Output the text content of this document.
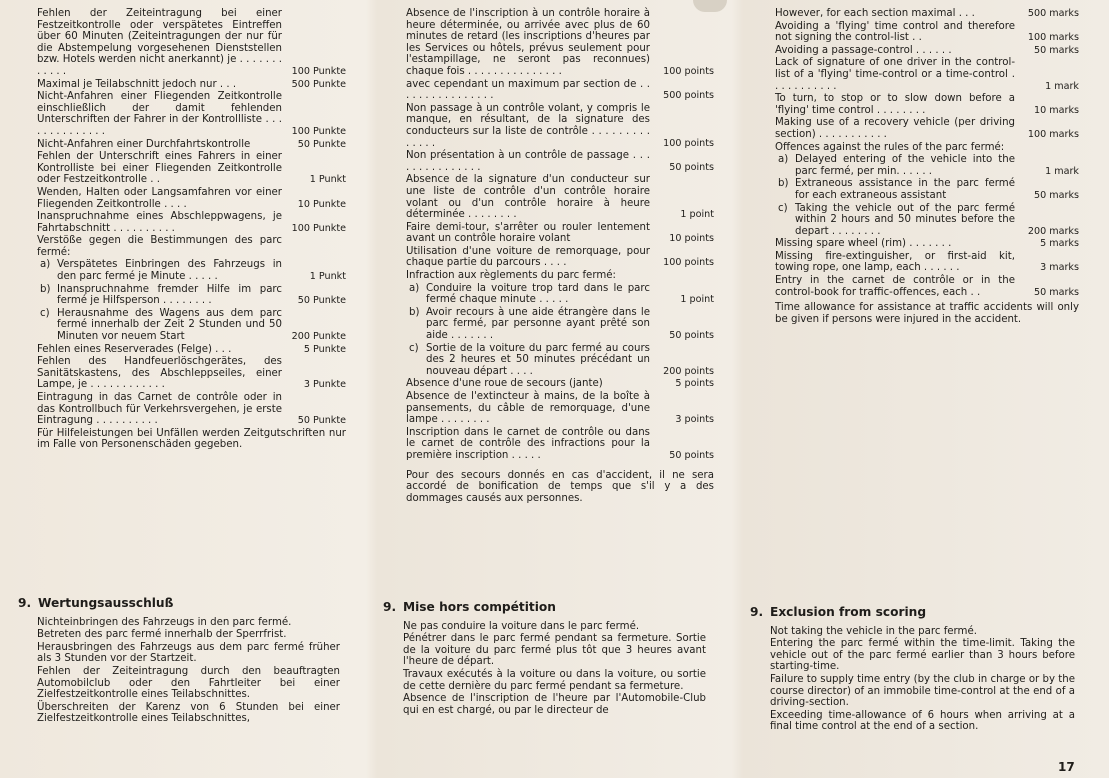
Fehlen der Zeiteintragung bei einer Festzeitkontrolle oder verspätetes Eintreffen über 60 Minuten (Zeiteintragungen der nur für die Abstempelung vorgesehenen Dienststellen bzw. Hotels werden nicht anerkannt) je . . . . . . . . . . . .	100 Punkte
Maximal je Teilabschnitt jedoch nur . . .	500 Punkte
Nicht-Anfahren einer Fliegenden Zeitkontrolle einschließlich der damit fehlenden Unterschriften der Fahrer in der Kontrollliste . . . . . . . . . . . . . .	100 Punkte
Nicht-Anfahren einer Durchfahrtskontrolle	50 Punkte
Fehlen der Unterschrift eines Fahrers in einer Kontrolliste bei einer Fliegenden Zeitkontrolle oder Festzeitkontrolle . .	1 Punkt
Wenden, Halten oder Langsamfahren vor einer Fliegenden Zeitkontrolle . . . .	10 Punkte
Inanspruchnahme eines Abschleppwagens, je Fahrtabschnitt . . . . . . . . . .	100 Punkte
Verstöße gegen die Bestimmungen des parc fermé:
a) Verspätetes Einbringen des Fahrzeugs in den parc fermé je Minute . . . . .	1 Punkt
b) Inanspruchnahme fremder Hilfe im parc fermé je Hilfsperson . . . . . . . .	50 Punkte
c) Herausnahme des Wagens aus dem parc fermé innerhalb der Zeit 2 Stunden und 50 Minuten vor neuem Start	200 Punkte
Fehlen eines Reserverades (Felge) . . .	5 Punkte
Fehlen des Handfeuerlöschgerätes, des Sanitätskastens, des Abschleppseiles, einer Lampe, je . . . . . . . . . . . .	3 Punkte
Eintragung in das Carnet de contrôle oder in das Kontrollbuch für Verkehrsvergehen, je erste Eintragung . . . . . . . . . .	50 Punkte
Für Hilfeleistungen bei Unfällen werden Zeitgutschriften nur im Falle von Personenschäden gegeben.
Absence de l'inscription à un contrôle horaire à heure déterminée, ou arrivée avec plus de 60 minutes de retard (les inscriptions d'heures par les Services ou hôtels, prévus seulement pour l'estampillage, ne seront pas reconnues) chaque fois . . . . . . . . . . . . . . .	100 points
avec cependant un maximum par section de . . . . . . . . . . . . . . . .	500 points
Non passage à un contrôle volant, y compris le manque, en résultant, de la signature des conducteurs sur la liste de contrôle . . . . . . . . . . . . . .	100 points
Non présentation à un contrôle de passage . . . . . . . . . . . . . . .	50 points
Absence de la signature d'un conducteur sur une liste de contrôle d'un contrôle horaire volant ou d'un contrôle horaire à heure déterminée . . . . . . . .	1 point
Faire demi-tour, s'arrêter ou rouler lentement avant un contrôle horaire volant	10 points
Utilisation d'une voiture de remorquage, pour chaque partie du parcours . . . .	100 points
Infraction aux règlements du parc fermé:
a) Conduire la voiture trop tard dans le parc fermé chaque minute . . . . .	1 point
b) Avoir recours à une aide étrangère dans le parc fermé, par personne ayant prêté son aide . . . . . . .	50 points
c) Sortie de la voiture du parc fermé au cours des 2 heures et 50 minutes précédant un nouveau départ . . . .	200 points
Absence d'une roue de secours (jante)	5 points
Absence de l'extincteur à mains, de la boîte à pansements, du câble de remorquage, d'une lampe . . . . . . . .	3 points
Inscription dans le carnet de contrôle ou dans le carnet de contrôle des infractions pour la première inscription . . . . .	50 points
Pour des secours donnés en cas d'accident, il ne sera accordé de bonification de temps que s'il y a des dommages causés aux personnes.
However, for each section maximal . . .	500 marks
Avoiding a 'flying' time control and therefore not signing the control-list . .	100 marks
Avoiding a passage-control . . . . . .	50 marks
Lack of signature of one driver in the control-list of a 'flying' time-control or a time-control . . . . . . . . . . .	1 mark
To turn, to stop or to slow down before a 'flying' time control . . . . . . . .	10 marks
Making use of a recovery vehicle (per driving section) . . . . . . . . . . .	100 marks
Offences against the rules of the parc fermé:
a) Delayed entering of the vehicle into the parc fermé, per min. . . . . .	1 mark
b) Extraneous assistance in the parc fermé for each extraneous assistant	50 marks
c) Taking the vehicle out of the parc fermé within 2 hours and 50 minutes before the depart . . . . . . . .	200 marks
Missing spare wheel (rim) . . . . . . .	5 marks
Missing fire-extinguisher, or first-aid kit, towing rope, one lamp, each . . . . . .	3 marks
Entry in the carnet de contrôle or in the control-book for traffic-offences, each . .	50 marks
Time allowance for assistance at traffic accidents will only be given if persons were injured in the accident.
9. Wertungsausschluß

Nichteinbringen des Fahrzeugs in den parc fermé.

Betreten des parc fermé innerhalb der Sperrfrist.

Herausbringen des Fahrzeugs aus dem parc fermé früher als 3 Stunden vor der Startzeit.

Fehlen der Zeiteintragung durch den beauftragten Automobilclub oder den Fahrtleiter bei einer Zielfestzeitkontrolle eines Teilabschnittes.

Überschreiten der Karenz von 6 Stunden bei einer Zielfestzeitkontrolle eines Teilabschnittes,

9. Mise hors compétition

Ne pas conduire la voiture dans le parc fermé.

Pénétrer dans le parc fermé pendant sa fermeture. Sortie de la voiture du parc fermé plus tôt que 3 heures avant l'heure de départ.

Travaux exécutés à la voiture ou dans la voiture, ou sortie de cette dernière du parc fermé pendant sa fermeture.

Absence de l'inscription de l'heure par l'Automobile-Club qui en est chargé, ou par le directeur de

9. Exclusion from scoring

Not taking the vehicle in the parc fermé.

Entering the parc fermé within the time-limit. Taking the vehicle out of the parc fermé earlier than 3 hours before starting-time.

Failure to supply time entry (by the club in charge or by the course director) of an immobile time-control at the end of a driving-section.

Exceeding time-allowance of 6 hours when arriving at a final time control at the end of a section.

17
